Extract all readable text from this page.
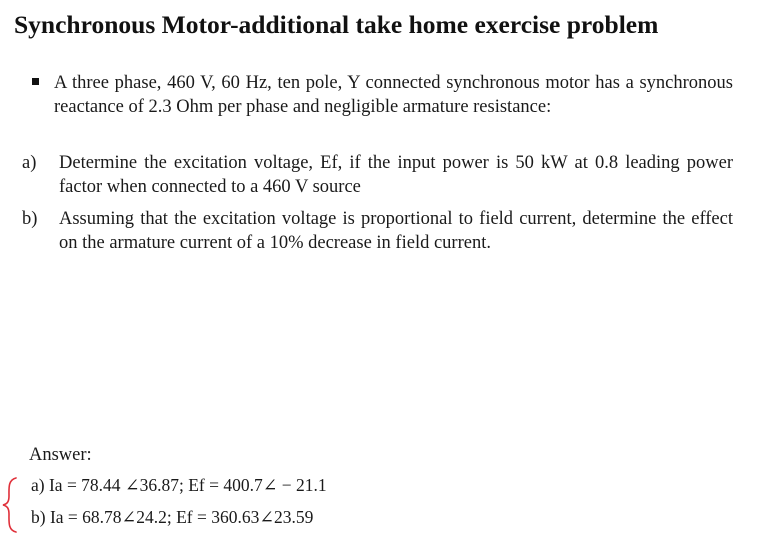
Synchronous Motor-additional take home exercise problem
A three phase, 460 V, 60 Hz, ten pole, Y connected synchronous motor has a synchronous reactance of 2.3 Ohm per phase and negligible armature resistance:
a) Determine the excitation voltage, Ef, if the input power is 50 kW at 0.8 leading power factor when connected to a 460 V source
b) Assuming that the excitation voltage is proportional to field current, determine the effect on the armature current of a 10% decrease in field current.
Answer:
a) Ia = 78.44 ∠36.87; Ef = 400.7∠ − 21.1
b) Ia = 68.78∠24.2; Ef = 360.63∠23.59
